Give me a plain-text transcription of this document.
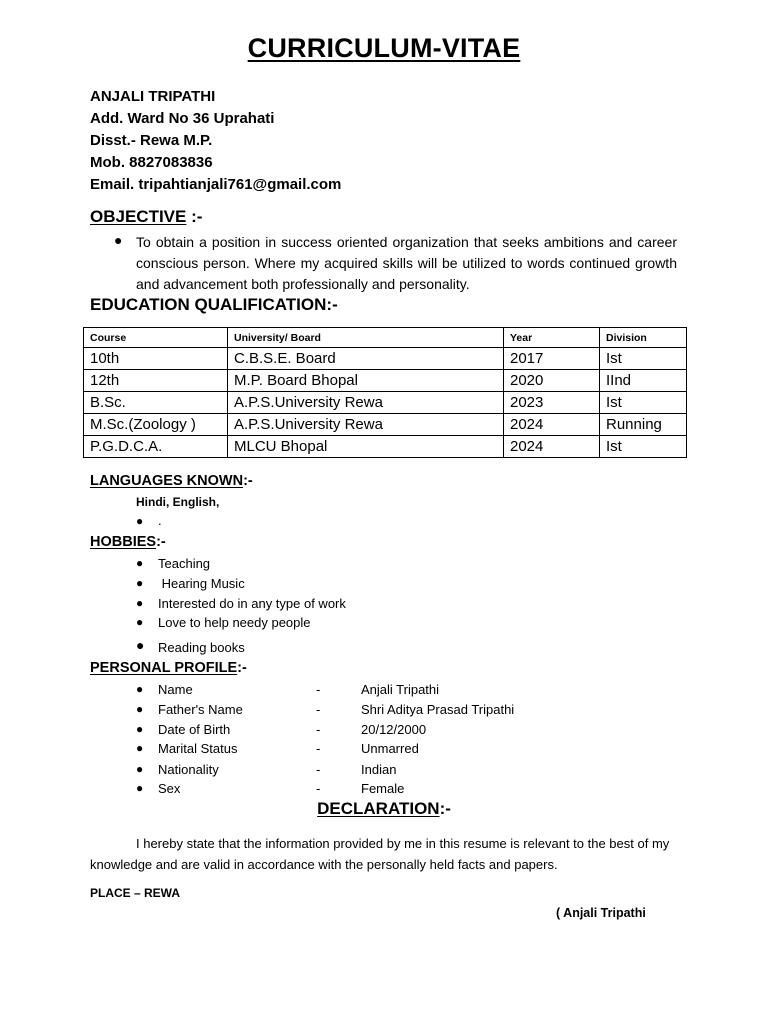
CURRICULUM-VITAE
ANJALI TRIPATHI
Add. Ward No 36 Uprahati
Disst.- Rewa M.P.
Mob. 8827083836
Email. tripahtianjali761@gmail.com
OBJECTIVE :-
● To obtain a position in success oriented organization that seeks ambitions and career conscious person. Where my acquired skills will be utilized to words continued growth and advancement both professionally and personality.
EDUCATION QUALIFICATION:-
Course	University/ Board	Year	Division
10th	C.B.S.E. Board	2017	Ist
12th	M.P. Board Bhopal	2020	IInd
B.Sc.	A.P.S.University Rewa	2023	Ist
M.Sc.(Zoology )	A.P.S.University Rewa	2024	Running
P.G.D.C.A.	MLCU Bhopal	2024	Ist
LANGUAGES KNOWN:-
Hindi, English,
● .
HOBBIES:-
● Teaching
● Hearing Music
● Interested do in any type of work
● Love to help needy people
● Reading books
PERSONAL PROFILE:-
● Name	-	Anjali Tripathi
● Father's Name	-	Shri Aditya Prasad Tripathi
● Date of Birth	-	20/12/2000
● Marital Status	-	Unmarred
● Nationality	-	Indian
● Sex	-	Female
DECLARATION:-
I hereby state that the information provided by me in this resume is relevant to the best of my knowledge and are valid in accordance with the personally held facts and papers.
PLACE – REWA
( Anjali Tripathi
